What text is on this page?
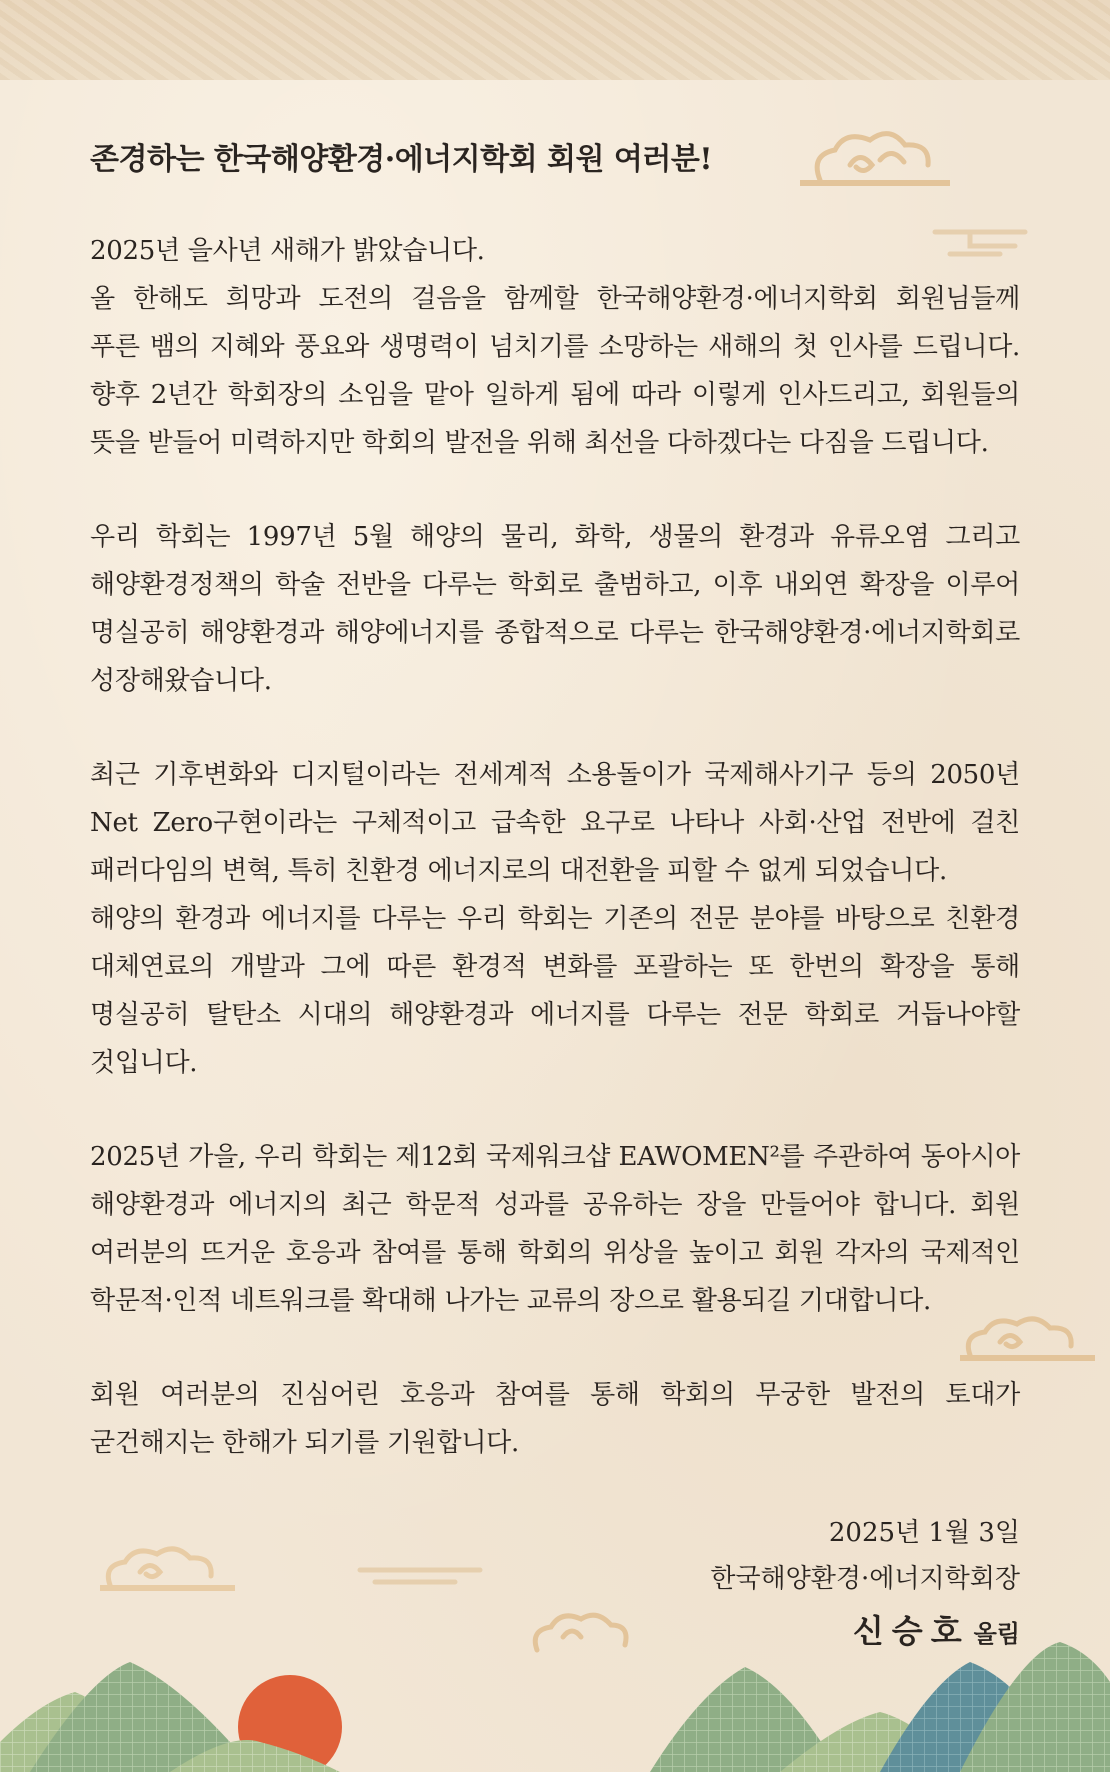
존경하는 한국해양환경·에너지학회 회원 여러분!
2025년 을사년 새해가 밝았습니다.
올 한해도 희망과 도전의 걸음을 함께할 한국해양환경·에너지학회 회원님들께
푸른 뱀의 지혜와 풍요와 생명력이 넘치기를 소망하는 새해의 첫 인사를 드립니다.
향후 2년간 학회장의 소임을 맡아 일하게 됨에 따라 이렇게 인사드리고, 회원들의
뜻을 받들어 미력하지만 학회의 발전을 위해 최선을 다하겠다는 다짐을 드립니다.
우리 학회는 1997년 5월 해양의 물리, 화학, 생물의 환경과 유류오염 그리고
해양환경정책의 학술 전반을 다루는 학회로 출범하고, 이후 내외연 확장을 이루어
명실공히 해양환경과 해양에너지를 종합적으로 다루는 한국해양환경·에너지학회로
성장해왔습니다.
최근 기후변화와 디지털이라는 전세계적 소용돌이가 국제해사기구 등의 2050년
Net Zero구현이라는 구체적이고 급속한 요구로 나타나 사회·산업 전반에 걸친
패러다임의 변혁, 특히 친환경 에너지로의 대전환을 피할 수 없게 되었습니다.
해양의 환경과 에너지를 다루는 우리 학회는 기존의 전문 분야를 바탕으로 친환경
대체연료의 개발과 그에 따른 환경적 변화를 포괄하는 또 한번의 확장을 통해
명실공히 탈탄소 시대의 해양환경과 에너지를 다루는 전문 학회로 거듭나야할
것입니다.
2025년 가을, 우리 학회는 제12회 국제워크샵 EAWOMEN²를 주관하여 동아시아
해양환경과 에너지의 최근 학문적 성과를 공유하는 장을 만들어야 합니다. 회원
여러분의 뜨거운 호응과 참여를 통해 학회의 위상을 높이고 회원 각자의 국제적인
학문적·인적 네트워크를 확대해 나가는 교류의 장으로 활용되길 기대합니다.
회원 여러분의 진심어린 호응과 참여를 통해 학회의 무궁한 발전의 토대가
굳건해지는 한해가 되기를 기원합니다.
2025년 1월 3일
한국해양환경·에너지학회장
신승호 올림
